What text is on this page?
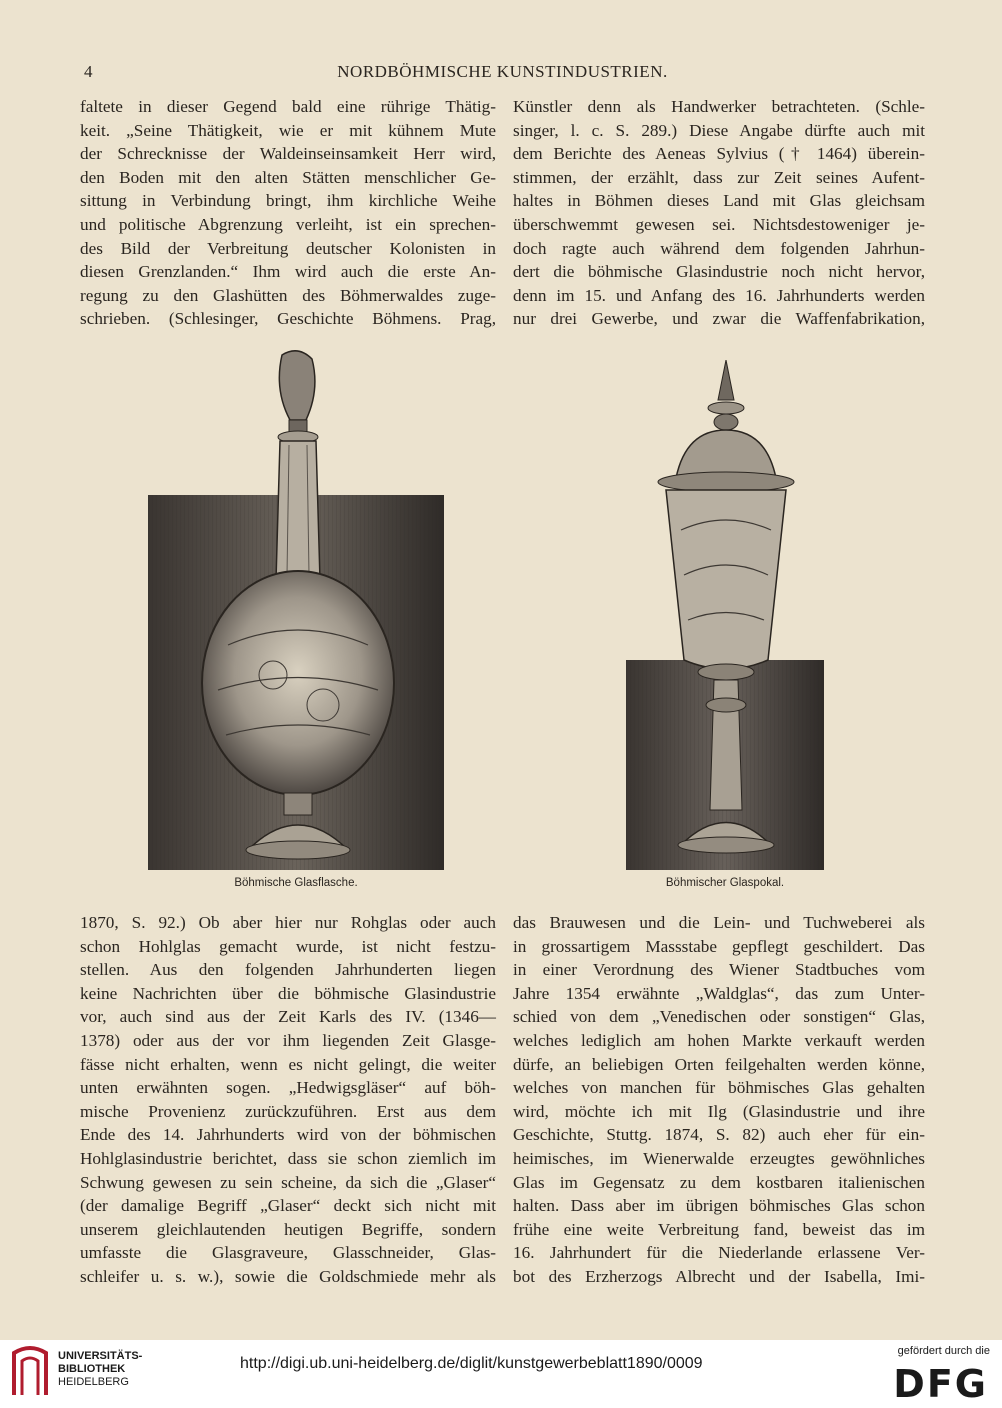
4	NORDBÖHMISCHE KUNSTINDUSTRIEN.
faltete in dieser Gegend bald eine rührige Thätig-
keit. „Seine Thätigkeit, wie er mit kühnem Mute
der Schrecknisse der Waldeinseinsamkeit Herr wird,
den Boden mit den alten Stätten menschlicher Ge-
sittung in Verbindung bringt, ihm kirchliche Weihe
und politische Abgrenzung verleiht, ist ein sprechen-
des Bild der Verbreitung deutscher Kolonisten in
diesen Grenzlanden.“ Ihm wird auch die erste An-
regung zu den Glashütten des Böhmerwaldes zuge-
schrieben. (Schlesinger, Geschichte Böhmens. Prag,
Künstler denn als Handwerker betrachteten. (Schle-
singer, l. c. S. 289.) Diese Angabe dürfte auch mit
dem Berichte des Aeneas Sylvius († 1464) überein-
stimmen, der erzählt, dass zur Zeit seines Aufent-
haltes in Böhmen dieses Land mit Glas gleichsam
überschwemmt gewesen sei. Nichtsdestoweniger je-
doch ragte auch während dem folgenden Jahrhun-
dert die böhmische Glasindustrie noch nicht hervor,
denn im 15. und Anfang des 16. Jahrhunderts werden
nur drei Gewerbe, und zwar die Waffenfabrikation,
Böhmische Glasflasche.	Böhmischer Glaspokal.
1870, S. 92.) Ob aber hier nur Rohglas oder auch
schon Hohlglas gemacht wurde, ist nicht festzu-
stellen. Aus den folgenden Jahrhunderten liegen
keine Nachrichten über die böhmische Glasindustrie
vor, auch sind aus der Zeit Karls des IV. (1346—
1378) oder aus der vor ihm liegenden Zeit Glasge-
fässe nicht erhalten, wenn es nicht gelingt, die weiter
unten erwähnten sogen. „Hedwigsgläser“ auf böh-
mische Provenienz zurückzuführen. Erst aus dem
Ende des 14. Jahrhunderts wird von der böhmischen
Hohlglasindustrie berichtet, dass sie schon ziemlich im
Schwung gewesen zu sein scheine, da sich die „Glaser“
(der damalige Begriff „Glaser“ deckt sich nicht mit
unserem gleichlautenden heutigen Begriffe, sondern
umfasste die Glasgraveure, Glasschneider, Glas-
schleifer u. s. w.), sowie die Goldschmiede mehr als
das Brauwesen und die Lein- und Tuchweberei als
in grossartigem Massstabe gepflegt geschildert. Das
in einer Verordnung des Wiener Stadtbuches vom
Jahre 1354 erwähnte „Waldglas“, das zum Unter-
schied von dem „Venedischen oder sonstigen“ Glas,
welches lediglich am hohen Markte verkauft werden
dürfe, an beliebigen Orten feilgehalten werden könne,
welches von manchen für böhmisches Glas gehalten
wird, möchte ich mit Ilg (Glasindustrie und ihre
Geschichte, Stuttg. 1874, S. 82) auch eher für ein-
heimisches, im Wienerwalde erzeugtes gewöhnliches
Glas im Gegensatz zu dem kostbaren italienischen
halten. Dass aber im übrigen böhmisches Glas schon
frühe eine weite Verbreitung fand, beweist das im
16. Jahrhundert für die Niederlande erlassene Ver-
bot des Erzherzogs Albrecht und der Isabella, Imi-
UNIVERSITÄTS-
BIBLIOTHEK
HEIDELBERG
http://digi.ub.uni-heidelberg.de/diglit/kunstgewerbeblatt1890/0009
gefördert durch die
DFG
